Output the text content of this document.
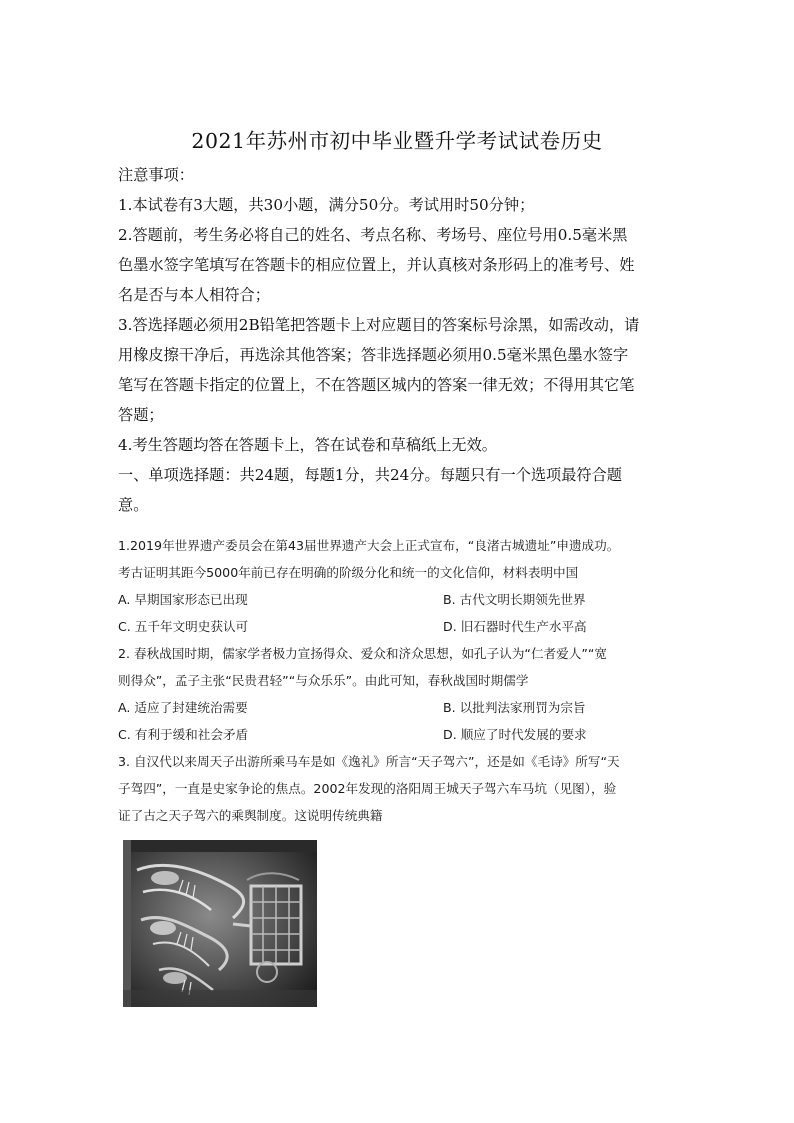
2021年苏州市初中毕业暨升学考试试卷历史
注意事项：
1.本试卷有3大题，共30小题，满分50分。考试用时50分钟；
2.答题前，考生务必将自己的姓名、考点名称、考场号、座位号用0.5毫米黑
色墨水签字笔填写在答题卡的相应位置上，并认真核对条形码上的准考号、姓
名是否与本人相符合；
3.答选择题必须用2B铅笔把答题卡上对应题目的答案标号涂黑，如需改动，请
用橡皮擦干净后，再选涂其他答案；答非选择题必须用0.5毫米黑色墨水签字
笔写在答题卡指定的位置上，不在答题区城内的答案一律无效；不得用其它笔
答题；
4.考生答题均答在答题卡上，答在试卷和草稿纸上无效。
一、单项选择题：共24题，每题1分，共24分。每题只有一个选项最符合题
意。
1.2019年世界遗产委员会在第43届世界遗产大会上正式宣布，“良渚古城遗址”申遗成功。
考古证明其距今5000年前已存在明确的阶级分化和统一的文化信仰，材料表明中国
A. 早期国家形态已出现	B. 古代文明长期领先世界
C. 五千年文明史获认可	D. 旧石器时代生产水平高
2. 春秋战国时期，儒家学者极力宣扬得众、爱众和济众思想，如孔子认为“仁者爱人”“宽
则得众”，孟子主张“民贵君轻”“与众乐乐”。由此可知，春秋战国时期儒学
A. 适应了封建统治需要	B. 以批判法家刑罚为宗旨
C. 有利于缓和社会矛盾	D. 顺应了时代发展的要求
3. 自汉代以来周天子出游所乘马车是如《逸礼》所言“天子驾六”，还是如《毛诗》所写“天
子驾四”，一直是史家争论的焦点。2002年发现的洛阳周王城天子驾六车马坑（见图），验
证了古之天子驾六的乘舆制度。这说明传统典籍
